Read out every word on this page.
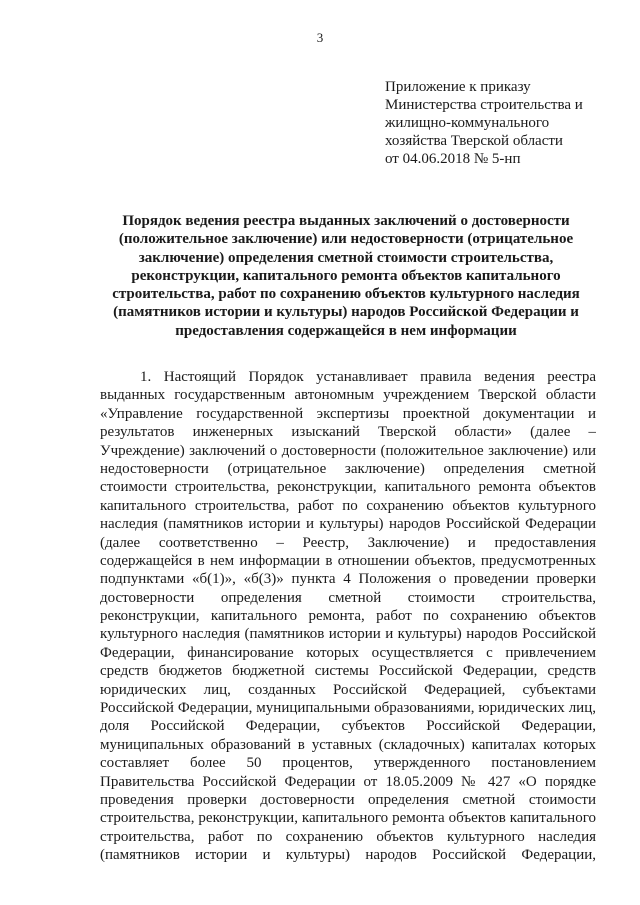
3
Приложение к приказу
Министерства строительства и
жилищно-коммунального
хозяйства Тверской области
от 04.06.2018 № 5-нп
Порядок ведения реестра выданных заключений о достоверности
(положительное заключение) или недостоверности (отрицательное
заключение) определения сметной стоимости строительства,
реконструкции, капитального ремонта объектов капитального
строительства, работ по сохранению объектов культурного наследия
(памятников истории и культуры) народов Российской Федерации и
предоставления содержащейся в нем информации
1. Настоящий Порядок устанавливает правила ведения реестра
выданных государственным автономным учреждением Тверской области
«Управление государственной экспертизы проектной документации и
результатов инженерных изысканий Тверской области» (далее –
Учреждение) заключений о достоверности (положительное заключение) или
недостоверности (отрицательное заключение) определения сметной
стоимости строительства, реконструкции, капитального ремонта объектов
капитального строительства, работ по сохранению объектов культурного
наследия (памятников истории и культуры) народов Российской Федерации
(далее соответственно – Реестр, Заключение) и предоставления
содержащейся в нем информации в отношении объектов, предусмотренных
подпунктами «б(1)», «б(3)» пункта 4 Положения о проведении проверки
достоверности определения сметной стоимости строительства,
реконструкции, капитального ремонта, работ по сохранению объектов
культурного наследия (памятников истории и культуры) народов Российской
Федерации, финансирование которых осуществляется с привлечением
средств бюджетов бюджетной системы Российской Федерации, средств
юридических лиц, созданных Российской Федерацией, субъектами
Российской Федерации, муниципальными образованиями, юридических лиц,
доля Российской Федерации, субъектов Российской Федерации,
муниципальных образований в уставных (складочных) капиталах которых
составляет более 50 процентов, утвержденного постановлением
Правительства Российской Федерации от 18.05.2009 № 427 «О порядке
проведения проверки достоверности определения сметной стоимости
строительства, реконструкции, капитального ремонта объектов капитального
строительства, работ по сохранению объектов культурного наследия
(памятников истории и культуры) народов Российской Федерации,
